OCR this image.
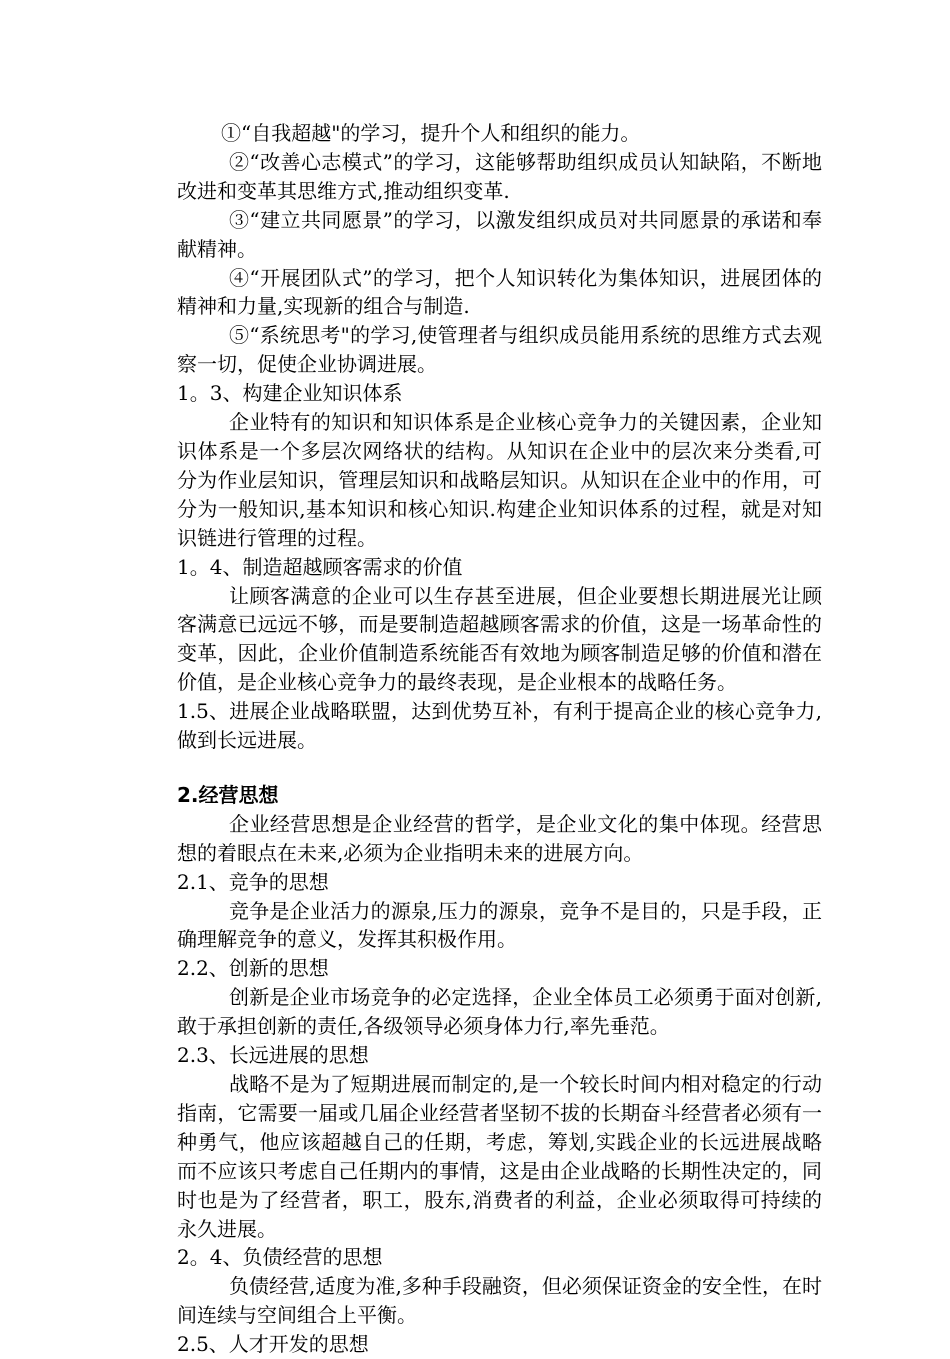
①“自我超越"的学习，提升个人和组织的能力。

②“改善心志模式”的学习，这能够帮助组织成员认知缺陷，不断地改进和变革其思维方式,推动组织变革.

③“建立共同愿景”的学习，以激发组织成员对共同愿景的承诺和奉献精神。

④“开展团队式”的学习，把个人知识转化为集体知识，进展团体的精神和力量,实现新的组合与制造.

⑤“系统思考"的学习,使管理者与组织成员能用系统的思维方式去观察一切，促使企业协调进展。

1。3、构建企业知识体系

企业特有的知识和知识体系是企业核心竞争力的关键因素，企业知识体系是一个多层次网络状的结构。从知识在企业中的层次来分类看,可分为作业层知识，管理层知识和战略层知识。从知识在企业中的作用，可分为一般知识,基本知识和核心知识.构建企业知识体系的过程，就是对知识链进行管理的过程。

1。4、制造超越顾客需求的价值

让顾客满意的企业可以生存甚至进展，但企业要想长期进展光让顾客满意已远远不够，而是要制造超越顾客需求的价值，这是一场革命性的变革，因此，企业价值制造系统能否有效地为顾客制造足够的价值和潜在价值，是企业核心竞争力的最终表现，是企业根本的战略任务。

1.5、进展企业战略联盟，达到优势互补，有利于提高企业的核心竞争力,做到长远进展。

2.经营思想

企业经营思想是企业经营的哲学，是企业文化的集中体现。经营思想的着眼点在未来,必须为企业指明未来的进展方向。

2.1、竞争的思想

竞争是企业活力的源泉,压力的源泉，竞争不是目的，只是手段，正确理解竞争的意义，发挥其积极作用。

2.2、创新的思想

创新是企业市场竞争的必定选择，企业全体员工必须勇于面对创新,敢于承担创新的责任,各级领导必须身体力行,率先垂范。

2.3、长远进展的思想

战略不是为了短期进展而制定的,是一个较长时间内相对稳定的行动指南，它需要一届或几届企业经营者坚韧不拔的长期奋斗经营者必须有一种勇气，他应该超越自己的任期，考虑，筹划,实践企业的长远进展战略而不应该只考虑自己任期内的事情，这是由企业战略的长期性决定的，同时也是为了经营者，职工，股东,消费者的利益，企业必须取得可持续的永久进展。

2。4、负债经营的思想

负债经营,适度为准,多种手段融资，但必须保证资金的安全性，在时间连续与空间组合上平衡。

2.5、人才开发的思想
